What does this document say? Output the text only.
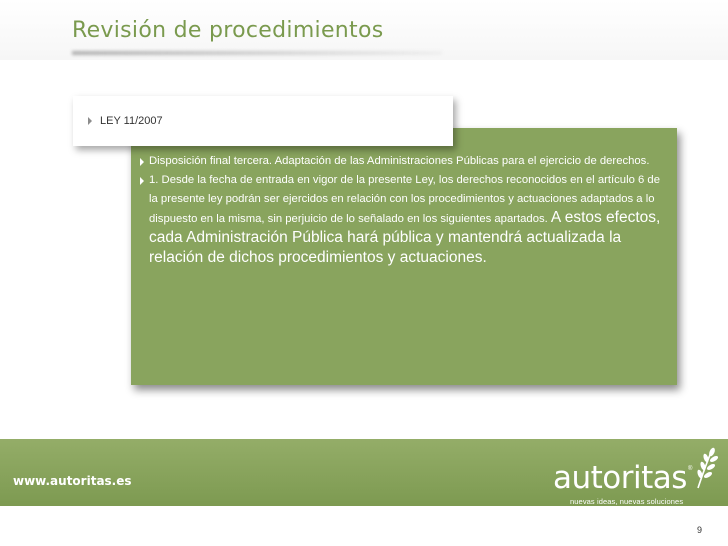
Revisión de procedimientos
LEY 11/2007
Disposición final tercera. Adaptación de las Administraciones Públicas para el ejercicio de derechos.
1. Desde la fecha de entrada en vigor de la presente Ley, los derechos reconocidos en el artículo 6 de la presente ley podrán ser ejercidos en relación con los procedimientos y actuaciones adaptados a lo dispuesto en la misma, sin perjuicio de lo señalado en los siguientes apartados. A estos efectos, cada Administración Pública hará pública y mantendrá actualizada la relación de dichos procedimientos y actuaciones.
www.autoritas.es	autoritas ®
nuevas ideas, nuevas soluciones
9
